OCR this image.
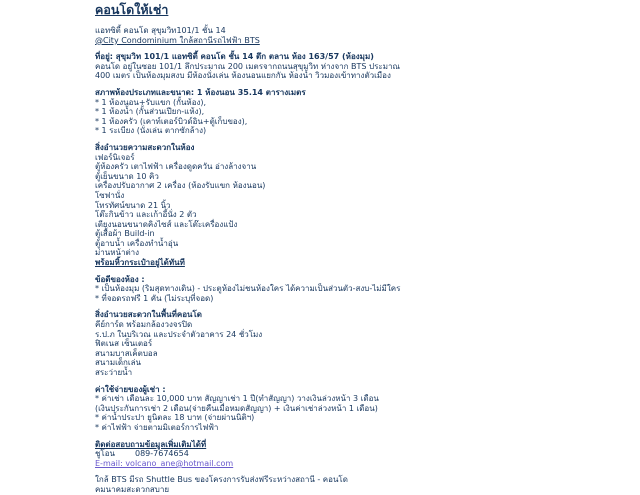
คอนโดให้เช่า
แอทซิตี้ คอนโด สุขุมวิท101/1 ชั้น 14
@City Condominium ใกล้สถานีรถไฟฟ้า BTS
ที่อยู่: สุขุมวิท 101/1 แอทซิตี้ คอนโด ชั้น 14 ตึก ตลาน ห้อง 163/57 (ห้องมุม)
คอนโด อยู่ในซอย 101/1 ลึกประมาณ 200 เมตรจากถนนสุขุมวิท ห่างจาก BTS ประมาณ
400 เมตร เป็นห้องมุมสงบ มีห้องนั่งเล่น ห้องนอนแยกกัน ห้องน้ำ วิวมองเข้าทางตัวเมือง
สภาพห้องประเภทและขนาด: 1 ห้องนอน 35.14 ตารางเมตร
* 1 ห้องนอน+รับแขก (กั้นห้อง),
* 1 ห้องน้ำ (กั้นส่วนเปียก-แห้ง),
* 1 ห้องครัว (เคาท์เตอร์บิวด์อิน+ตู้เก็บของ),
* 1 ระเบียง (นั่งเล่น ตากซักล้าง)
สิ่งอำนวยความสะดวกในห้อง
เฟอร์นิเจอร์
ตู้ห้องครัว เตาไฟฟ้า เครื่องดูดควัน อ่างล้างจาน
ตู้เย็นขนาด 10 คิว
เครื่องปรับอากาศ 2 เครื่อง (ห้องรับแขก ห้องนอน)
โซฟานั่ง
โทรทัศน์ขนาด 21 นิ้ว
โต๊ะกินข้าว และเก้าอี้นั่ง 2 ตัว
เตียงนอนขนาดคิงไซส์ และโต๊ะเครื่องแป้ง
ตู้เสื้อผ้า Build-in
ตู้อาบน้ำ เครื่องทำน้ำอุ่น
ม่านหน้าต่าง
พร้อมหิ้วกระเป๋าอยู่ได้ทันที
ข้อดีของห้อง :
* เป็นห้องมุม (ริมสุดทางเดิน) - ประตูห้องไม่ชนห้องใคร ได้ความเป็นส่วนตัว-สงบ-ไม่มีใคร
* ที่จอดรถฟรี 1 คัน (ไม่ระบุที่จอด)
สิ่งอำนวยสะดวกในพื้นที่คอนโด
คีย์การ์ด พร้อมกล้องวงจรปิด
ร.ป.ภ ในบริเวณ และประจำตัวอาคาร 24 ชั่วโมง
ฟิตเนส เซ็นเตอร์
สนามบาสเค็ตบอล
สนามเด็กเล่น
สระว่ายน้ำ
ค่าใช้จ่ายของผู้เช่า :
* ค่าเช่า เดือนละ 10,000 บาท สัญญาเช่า 1 ปี(ทำสัญญา) วางเงินล่วงหน้า 3 เดือน
(เงินประกันการเช่า 2 เดือน(จ่ายคืนเมื่อหมดสัญญา) + เงินค่าเช่าล่วงหน้า 1 เดือน)
* ค่าน้ำประปา ยูนิตละ 18 บาท (จ่ายผ่านนิติฯ)
* ค่าไฟฟ้า จ่ายตามมิเตอร์การไฟฟ้า
ติดต่อสอบถามข้อมูลเพิ่มเติมได้ที่
ชูโอน	089-7674654
E-mail: volcano_ane@hotmail.com
ใกล้ BTS มีรถ Shuttle Bus ของโครงการรับส่งฟรีระหว่างสถานี - คอนโด
คมนาคมสะดวกสบาย
